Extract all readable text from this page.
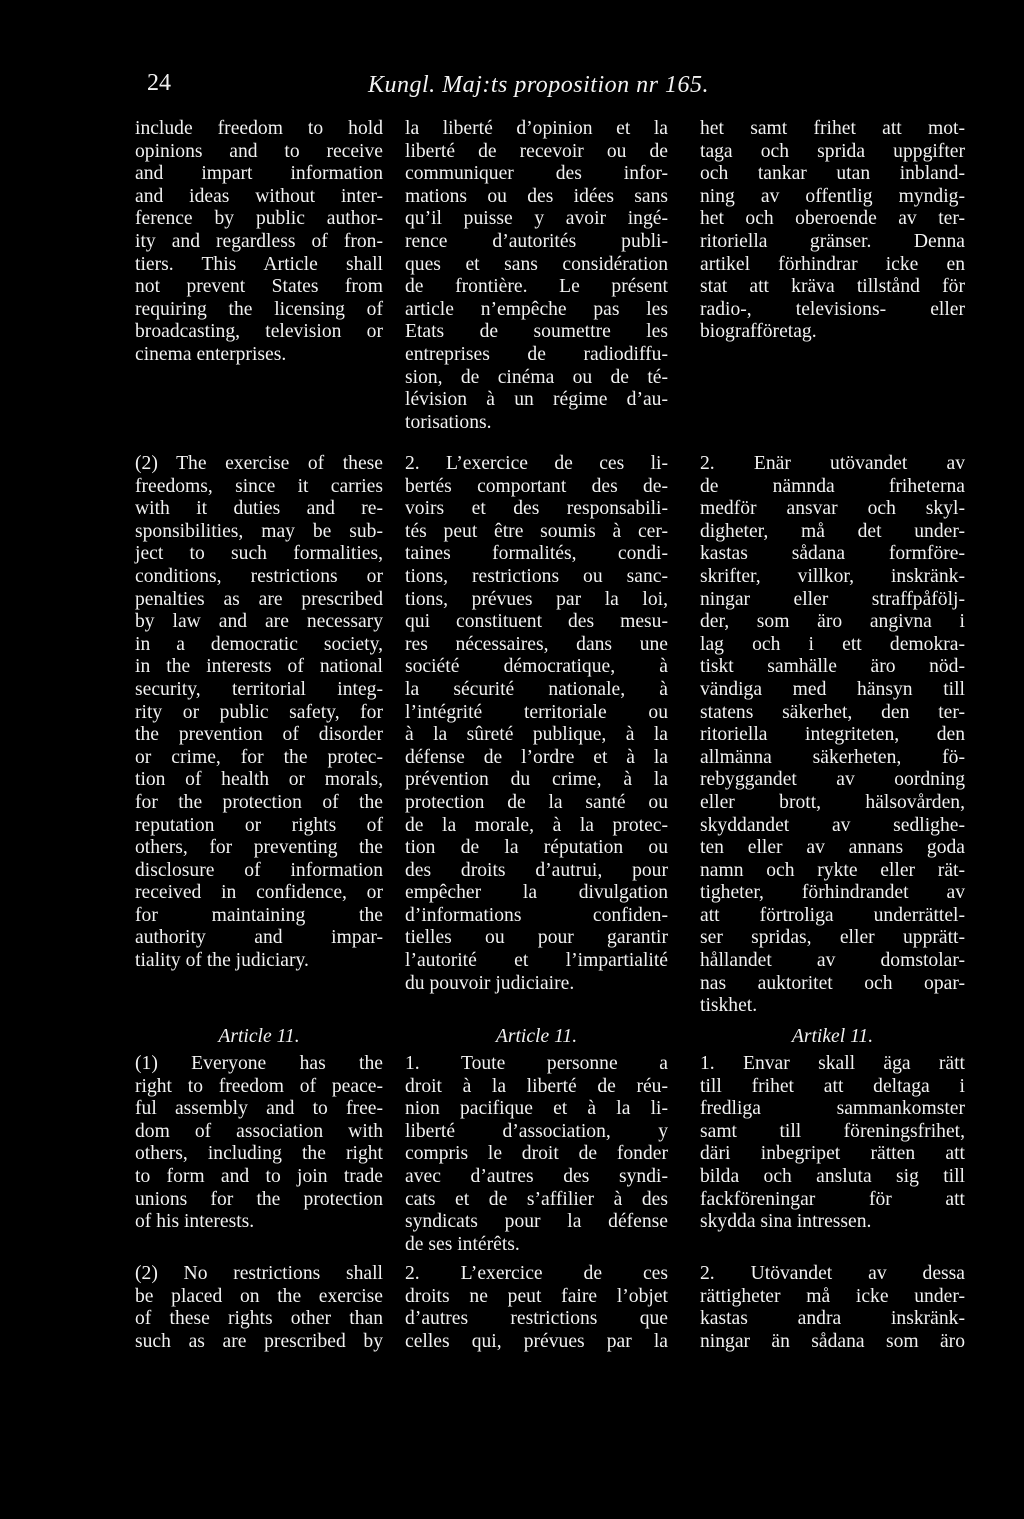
24	Kungl. Maj:ts proposition nr 165.
include freedom to hold
opinions and to receive
and impart information
and ideas without inter-
ference by public author-
ity and regardless of fron-
tiers. This Article shall
not prevent States from
requiring the licensing of
broadcasting, television or
cinema enterprises.
(2) The exercise of these
freedoms, since it carries
with it duties and re-
sponsibilities, may be sub-
ject to such formalities,
conditions, restrictions or
penalties as are prescribed
by law and are necessary
in a democratic society,
in the interests of national
security, territorial integ-
rity or public safety, for
the prevention of disorder
or crime, for the protec-
tion of health or morals,
for the protection of the
reputation or rights of
others, for preventing the
disclosure of information
received in confidence, or
for maintaining the
authority and impar-
tiality of the judiciary.
Article 11.
(1) Everyone has the
right to freedom of peace-
ful assembly and to free-
dom of association with
others, including the right
to form and to join trade
unions for the protection
of his interests.
(2) No restrictions shall
be placed on the exercise
of these rights other than
such as are prescribed by
la liberté d’opinion et la
liberté de recevoir ou de
communiquer des infor-
mations ou des idées sans
qu’il puisse y avoir ingé-
rence d’autorités publi-
ques et sans considération
de frontière. Le présent
article n’empêche pas les
Etats de soumettre les
entreprises de radiodiffu-
sion, de cinéma ou de té-
lévision à un régime d’au-
torisations.
2. L’exercice de ces li-
bertés comportant des de-
voirs et des responsabili-
tés peut être soumis à cer-
taines formalités, condi-
tions, restrictions ou sanc-
tions, prévues par la loi,
qui constituent des mesu-
res nécessaires, dans une
société démocratique, à
la sécurité nationale, à
l’intégrité territoriale ou
à la sûreté publique, à la
défense de l’ordre et à la
prévention du crime, à la
protection de la santé ou
de la morale, à la protec-
tion de la réputation ou
des droits d’autrui, pour
empêcher la divulgation
d’informations confiden-
tielles ou pour garantir
l’autorité et l’impartialité
du pouvoir judiciaire.
Article 11.
1. Toute personne a
droit à la liberté de réu-
nion pacifique et à la li-
liberté d’association, y
compris le droit de fonder
avec d’autres des syndi-
cats et de s’affilier à des
syndicats pour la défense
de ses intérêts.
2. L’exercice de ces
droits ne peut faire l’objet
d’autres restrictions que
celles qui, prévues par la
het samt frihet att mot-
taga och sprida uppgifter
och tankar utan inbland-
ning av offentlig myndig-
het och oberoende av ter-
ritoriella gränser. Denna
artikel förhindrar icke en
stat att kräva tillstånd för
radio-, televisions- eller
biografföretag.
2. Enär utövandet av
de nämnda friheterna
medför ansvar och skyl-
digheter, må det under-
kastas sådana formföre-
skrifter, villkor, inskränk-
ningar eller straffpåfölj-
der, som äro angivna i
lag och i ett demokra-
tiskt samhälle äro nöd-
vändiga med hänsyn till
statens säkerhet, den ter-
ritoriella integriteten, den
allmänna säkerheten, fö-
rebyggandet av oordning
eller brott, hälsovården,
skyddandet av sedlighe-
ten eller av annans goda
namn och rykte eller rät-
tigheter, förhindrandet av
att förtroliga underrättel-
ser spridas, eller upprätt-
hållandet av domstolar-
nas auktoritet och opar-
tiskhet.
Artikel 11.
1. Envar skall äga rätt
till frihet att deltaga i
fredliga sammankomster
samt till föreningsfrihet,
däri inbegripet rätten att
bilda och ansluta sig till
fackföreningar för att
skydda sina intressen.
2. Utövandet av dessa
rättigheter må icke under-
kastas andra inskränk-
ningar än sådana som äro
